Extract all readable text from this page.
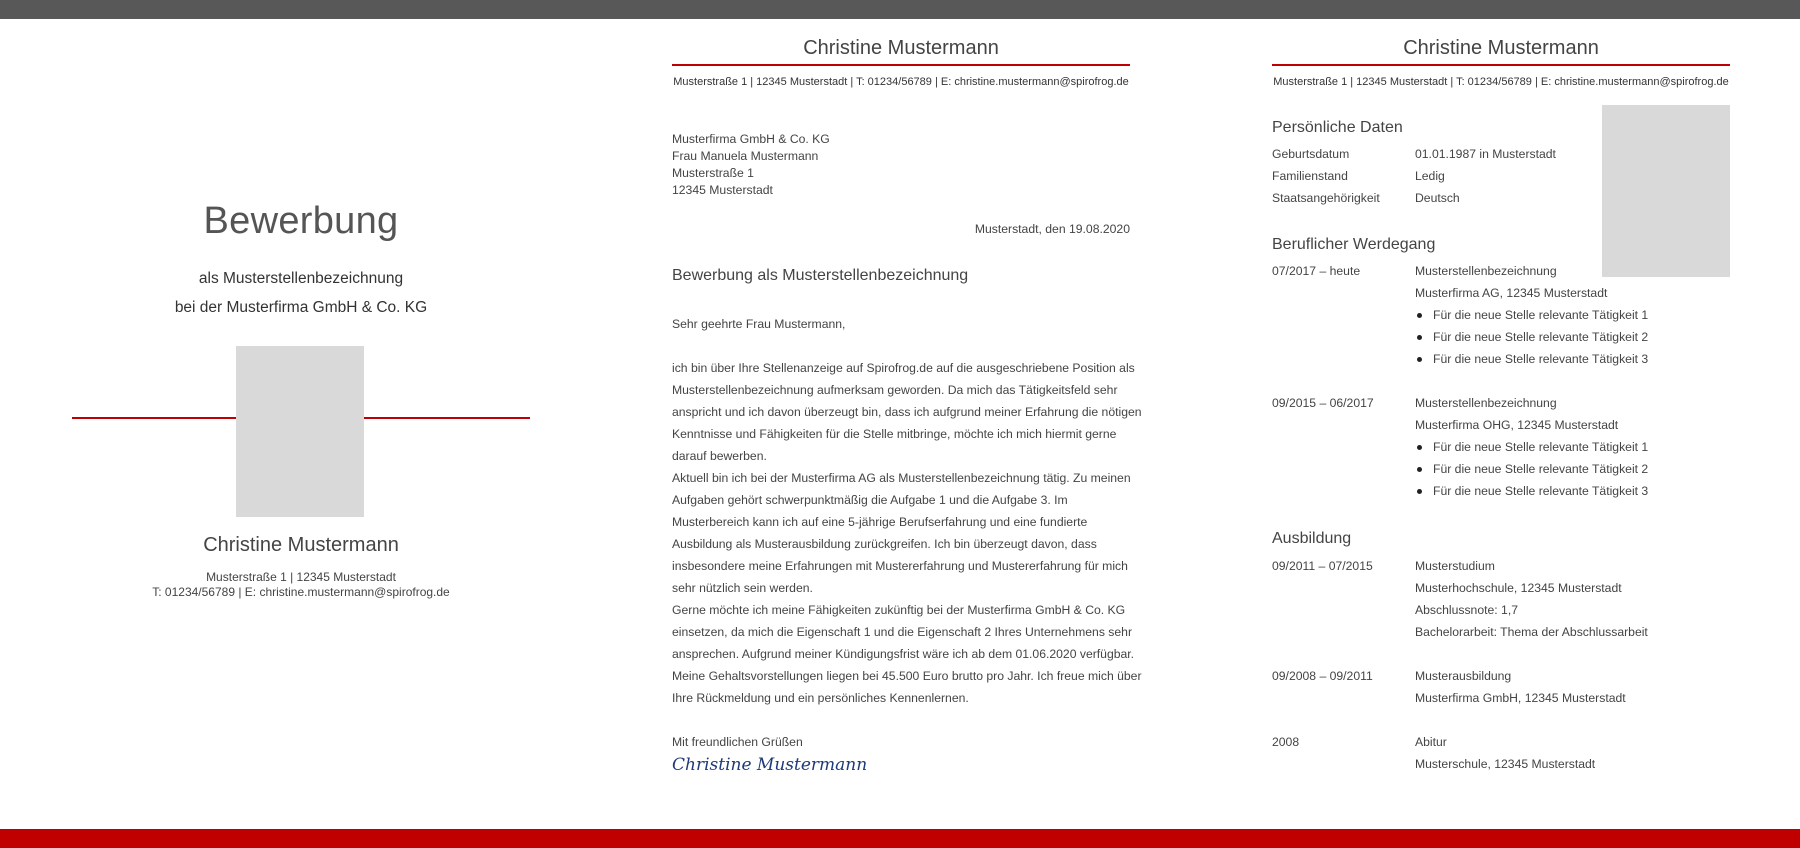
Bewerbung
als Musterstellenbezeichnung
bei der Musterfirma GmbH & Co. KG
Christine Mustermann
Musterstraße 1 | 12345 Musterstadt
T: 01234/56789 | E: christine.mustermann@spirofrog.de
Christine Mustermann
Musterstraße 1 | 12345 Musterstadt | T: 01234/56789 | E: christine.mustermann@spirofrog.de
Musterfirma GmbH & Co. KG
Frau Manuela Mustermann
Musterstraße 1
12345 Musterstadt
Musterstadt, den 19.08.2020
Bewerbung als Musterstellenbezeichnung
Sehr geehrte Frau Mustermann,
ich bin über Ihre Stellenanzeige auf Spirofrog.de auf die ausgeschriebene Position als
Musterstellenbezeichnung aufmerksam geworden. Da mich das Tätigkeitsfeld sehr
anspricht und ich davon überzeugt bin, dass ich aufgrund meiner Erfahrung die nötigen
Kenntnisse und Fähigkeiten für die Stelle mitbringe, möchte ich mich hiermit gerne
darauf bewerben.
Aktuell bin ich bei der Musterfirma AG als Musterstellenbezeichnung tätig. Zu meinen
Aufgaben gehört schwerpunktmäßig die Aufgabe 1 und die Aufgabe 3. Im
Musterbereich kann ich auf eine 5-jährige Berufserfahrung und eine fundierte
Ausbildung als Musterausbildung zurückgreifen. Ich bin überzeugt davon, dass
insbesondere meine Erfahrungen mit Mustererfahrung und Mustererfahrung für mich
sehr nützlich sein werden.
Gerne möchte ich meine Fähigkeiten zukünftig bei der Musterfirma GmbH & Co. KG
einsetzen, da mich die Eigenschaft 1 und die Eigenschaft 2 Ihres Unternehmens sehr
ansprechen. Aufgrund meiner Kündigungsfrist wäre ich ab dem 01.06.2020 verfügbar.
Meine Gehaltsvorstellungen liegen bei 45.500 Euro brutto pro Jahr. Ich freue mich über
Ihre Rückmeldung und ein persönliches Kennenlernen.
Mit freundlichen Grüßen
Christine Mustermann
Christine Mustermann
Musterstraße 1 | 12345 Musterstadt | T: 01234/56789 | E: christine.mustermann@spirofrog.de
Persönliche Daten
Geburtsdatum	01.01.1987 in Musterstadt
Familienstand	Ledig
Staatsangehörigkeit	Deutsch
Beruflicher Werdegang
07/2017 – heute	Musterstellenbezeichnung
Musterfirma AG, 12345 Musterstadt
Für die neue Stelle relevante Tätigkeit 1
Für die neue Stelle relevante Tätigkeit 2
Für die neue Stelle relevante Tätigkeit 3
09/2015 – 06/2017	Musterstellenbezeichnung
Musterfirma OHG, 12345 Musterstadt
Für die neue Stelle relevante Tätigkeit 1
Für die neue Stelle relevante Tätigkeit 2
Für die neue Stelle relevante Tätigkeit 3
Ausbildung
09/2011 – 07/2015	Musterstudium
Musterhochschule, 12345 Musterstadt
Abschlussnote: 1,7
Bachelorarbeit: Thema der Abschlussarbeit
09/2008 – 09/2011	Musterausbildung
Musterfirma GmbH, 12345 Musterstadt
2008	Abitur
Musterschule, 12345 Musterstadt
